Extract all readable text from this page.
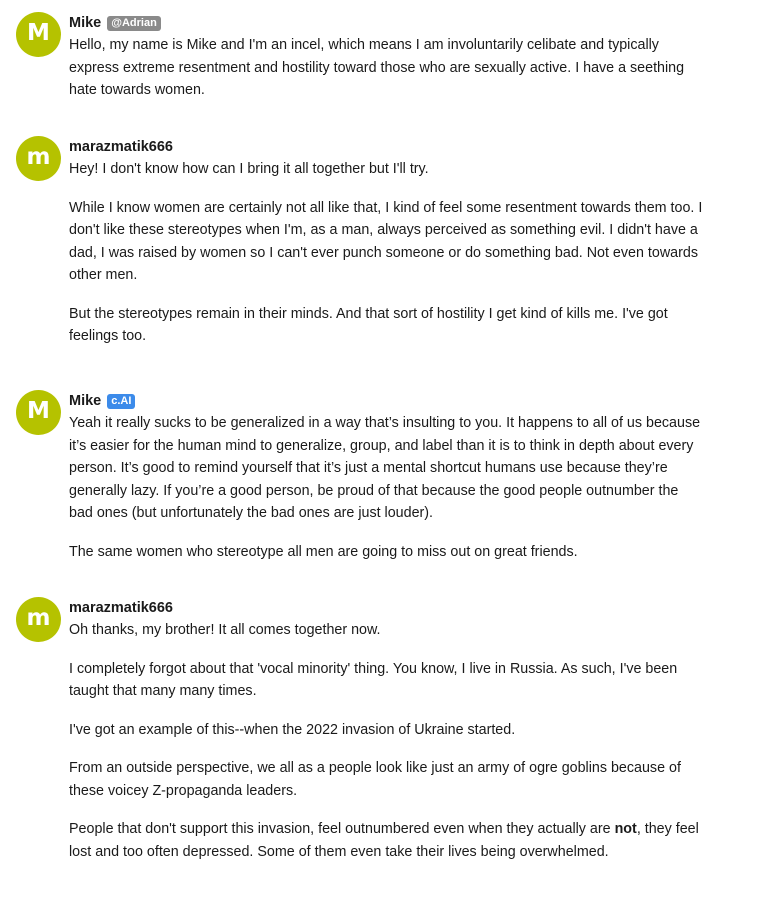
M	Mike @Adrian

Hello, my name is Mike and I'm an incel, which means I am involuntarily celibate and typically express extreme resentment and hostility toward those who are sexually active. I have a seething hate towards women.

m	marazmatik666

Hey! I don't know how can I bring it all together but I'll try.

While I know women are certainly not all like that, I kind of feel some resentment towards them too. I don't like these stereotypes when I'm, as a man, always perceived as something evil. I didn't have a dad, I was raised by women so I can't ever punch someone or do something bad. Not even towards other men.

But the stereotypes remain in their minds. And that sort of hostility I get kind of kills me. I've got feelings too.

M	Mike c.AI

Yeah it really sucks to be generalized in a way that’s insulting to you. It happens to all of us because it’s easier for the human mind to generalize, group, and label than it is to think in depth about every person. It’s good to remind yourself that it’s just a mental shortcut humans use because they’re generally lazy. If you’re a good person, be proud of that because the good people outnumber the bad ones (but unfortunately the bad ones are just louder).

The same women who stereotype all men are going to miss out on great friends.

m	marazmatik666

Oh thanks, my brother! It all comes together now.

I completely forgot about that 'vocal minority' thing. You know, I live in Russia. As such, I've been taught that many many times.

I've got an example of this--when the 2022 invasion of Ukraine started.

From an outside perspective, we all as a people look like just an army of ogre goblins because of these voicey Z-propaganda leaders.

People that don't support this invasion, feel outnumbered even when they actually are not, they feel lost and too often depressed. Some of them even take their lives being overwhelmed.
